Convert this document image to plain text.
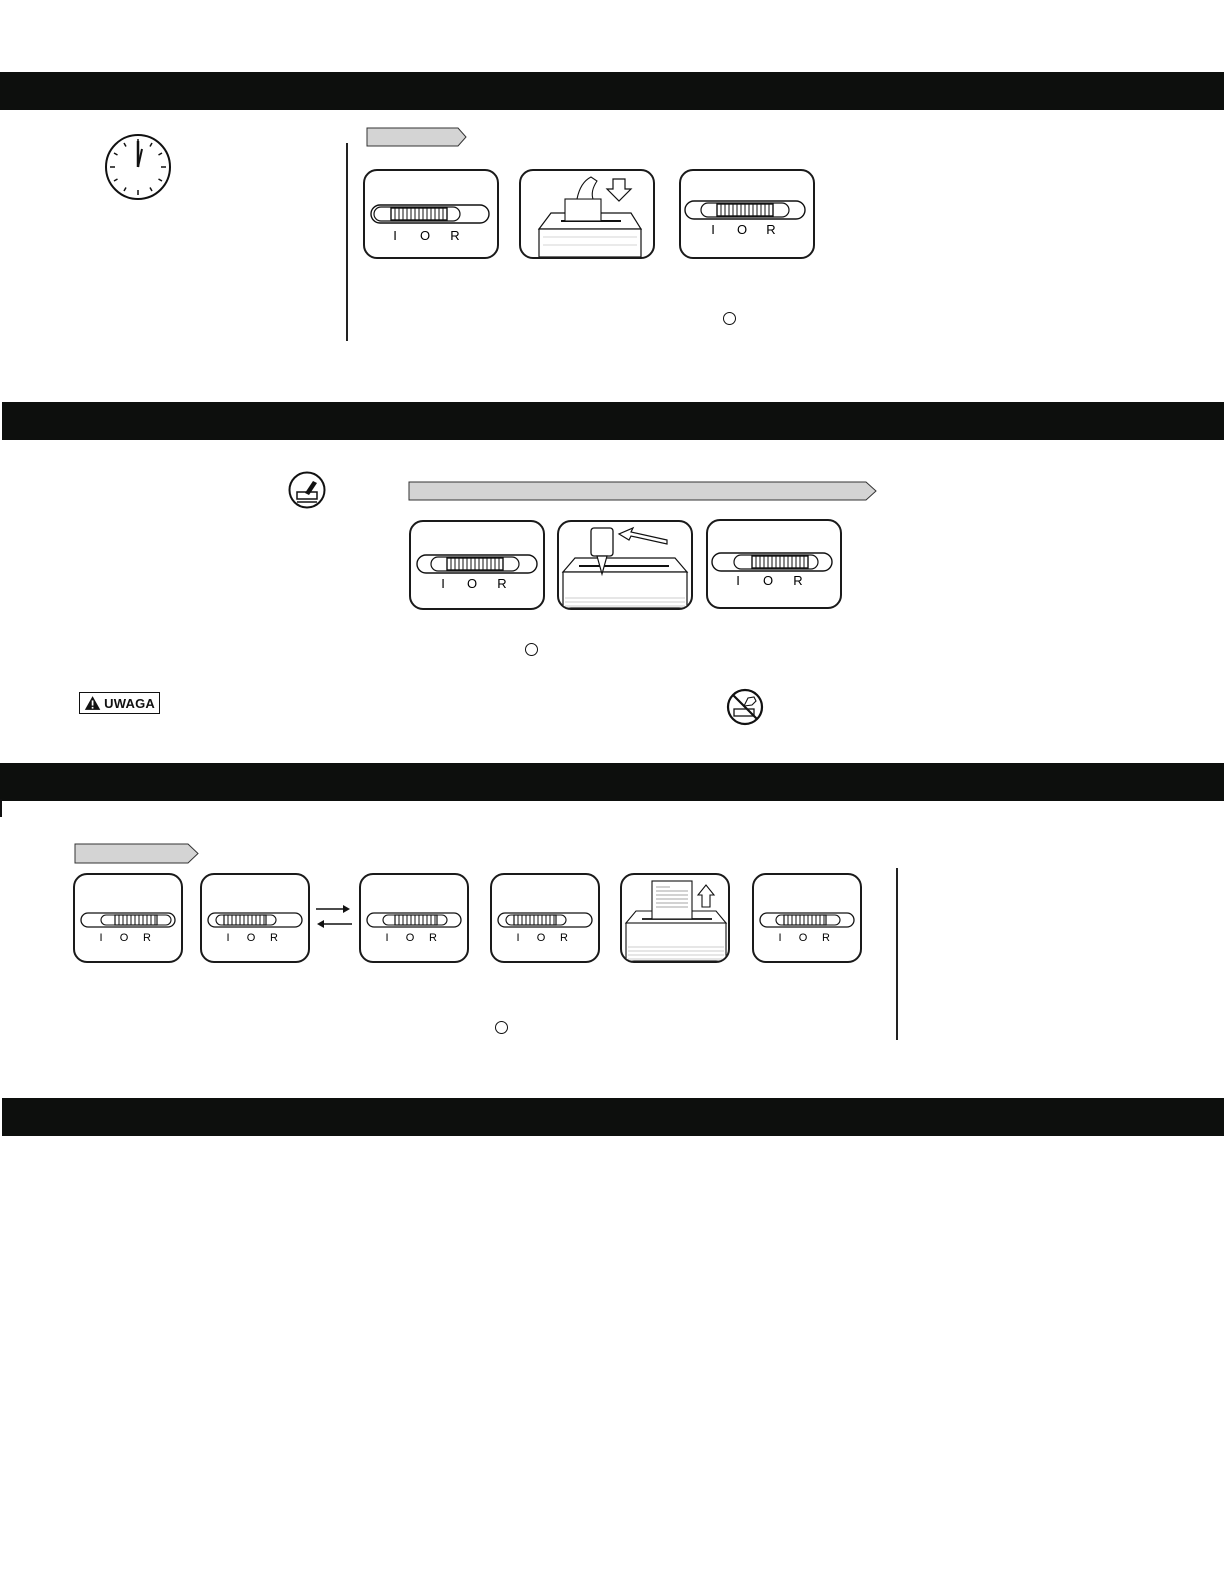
I O R	I O R
I O R	I O R
UWAGA
I O R	I O R	I O R	I O R	I O R
